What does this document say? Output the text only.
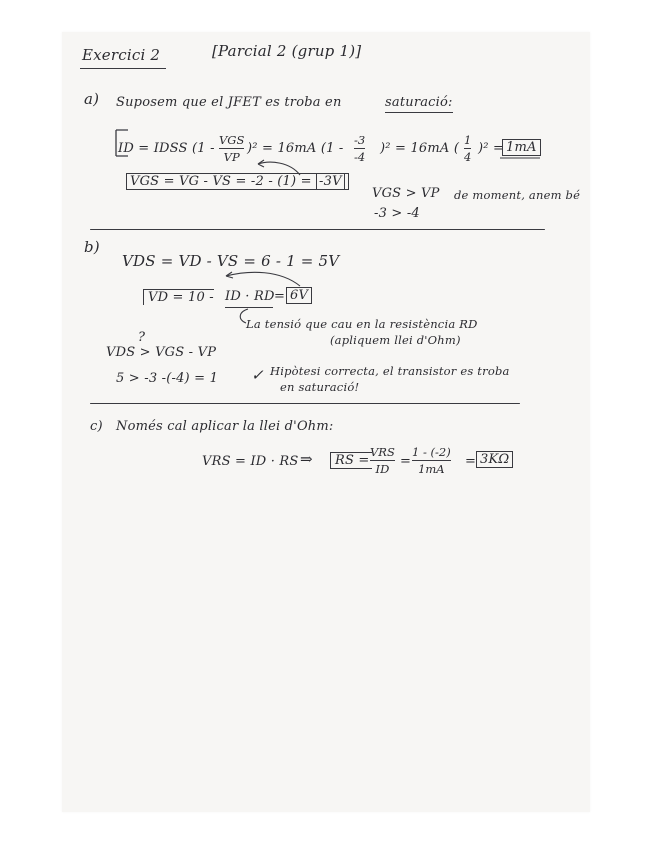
Exercici 2	[Parcial 2 (grup 1)]
a) Suposem que el JFET es troba en	saturació:
ID = IDSS (1 -
VGS
VP
)² = 16mA (1 -
-3
-4
)² = 16mA (
1
4
)² = 1mA
VGS = VG - VS = -2 - (1) = -3V
VGS > VP de moment, anem bé
-3 > -4
b)
VDS = VD - VS = 6 - 1 = 5V
VD = 10 - ID · RD = 6V
La tensió que cau en la resistència RD
(apliquem llei d'Ohm)
?
VDS > VGS - VP
5 > -3 -(-4) = 1 ✓ Hipòtesi correcta, el transistor es troba
en saturació!
c) Només cal aplicar la llei d'Ohm:
VRS = ID · RS ⇒	RS =
VRS
ID =
1 - (-2)
1mA = 3KΩ
